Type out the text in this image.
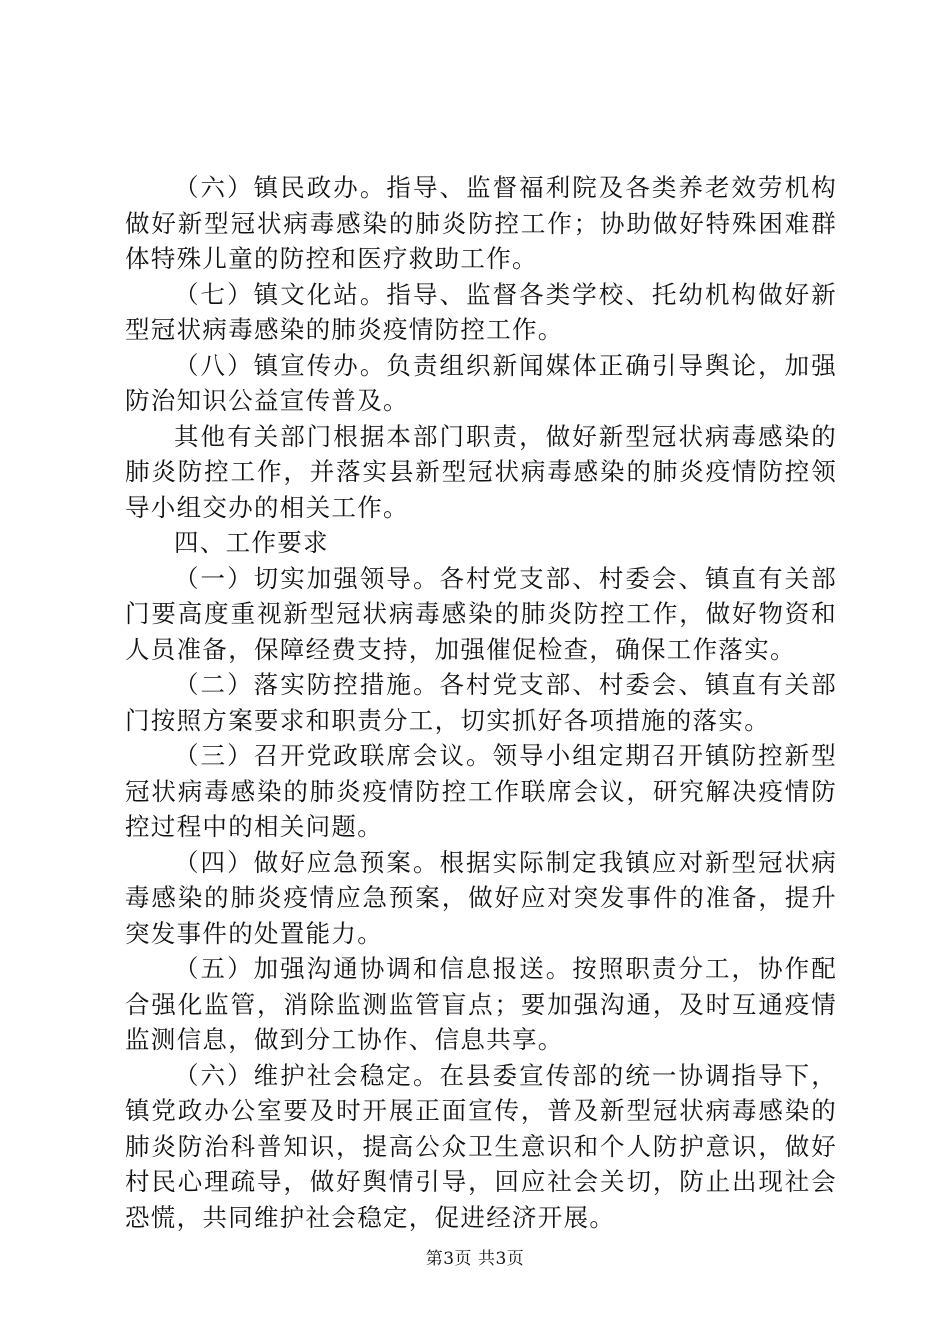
（六）镇民政办。指导、监督福利院及各类养老效劳机构做好新型冠状病毒感染的肺炎防控工作；协助做好特殊困难群体特殊儿童的防控和医疗救助工作。

（七）镇文化站。指导、监督各类学校、托幼机构做好新型冠状病毒感染的肺炎疫情防控工作。

（八）镇宣传办。负责组织新闻媒体正确引导舆论，加强防治知识公益宣传普及。

其他有关部门根据本部门职责，做好新型冠状病毒感染的肺炎防控工作，并落实县新型冠状病毒感染的肺炎疫情防控领导小组交办的相关工作。

四、工作要求

（一）切实加强领导。各村党支部、村委会、镇直有关部门要高度重视新型冠状病毒感染的肺炎防控工作，做好物资和人员准备，保障经费支持，加强催促检查，确保工作落实。

（二）落实防控措施。各村党支部、村委会、镇直有关部门按照方案要求和职责分工，切实抓好各项措施的落实。

（三）召开党政联席会议。领导小组定期召开镇防控新型冠状病毒感染的肺炎疫情防控工作联席会议，研究解决疫情防控过程中的相关问题。

（四）做好应急预案。根据实际制定我镇应对新型冠状病毒感染的肺炎疫情应急预案，做好应对突发事件的准备，提升突发事件的处置能力。

（五）加强沟通协调和信息报送。按照职责分工，协作配合强化监管，消除监测监管盲点；要加强沟通，及时互通疫情监测信息，做到分工协作、信息共享。

（六）维护社会稳定。在县委宣传部的统一协调指导下，镇党政办公室要及时开展正面宣传，普及新型冠状病毒感染的肺炎防治科普知识，提高公众卫生意识和个人防护意识，做好村民心理疏导，做好舆情引导，回应社会关切，防止出现社会恐慌，共同维护社会稳定，促进经济开展。

第3页 共3页
